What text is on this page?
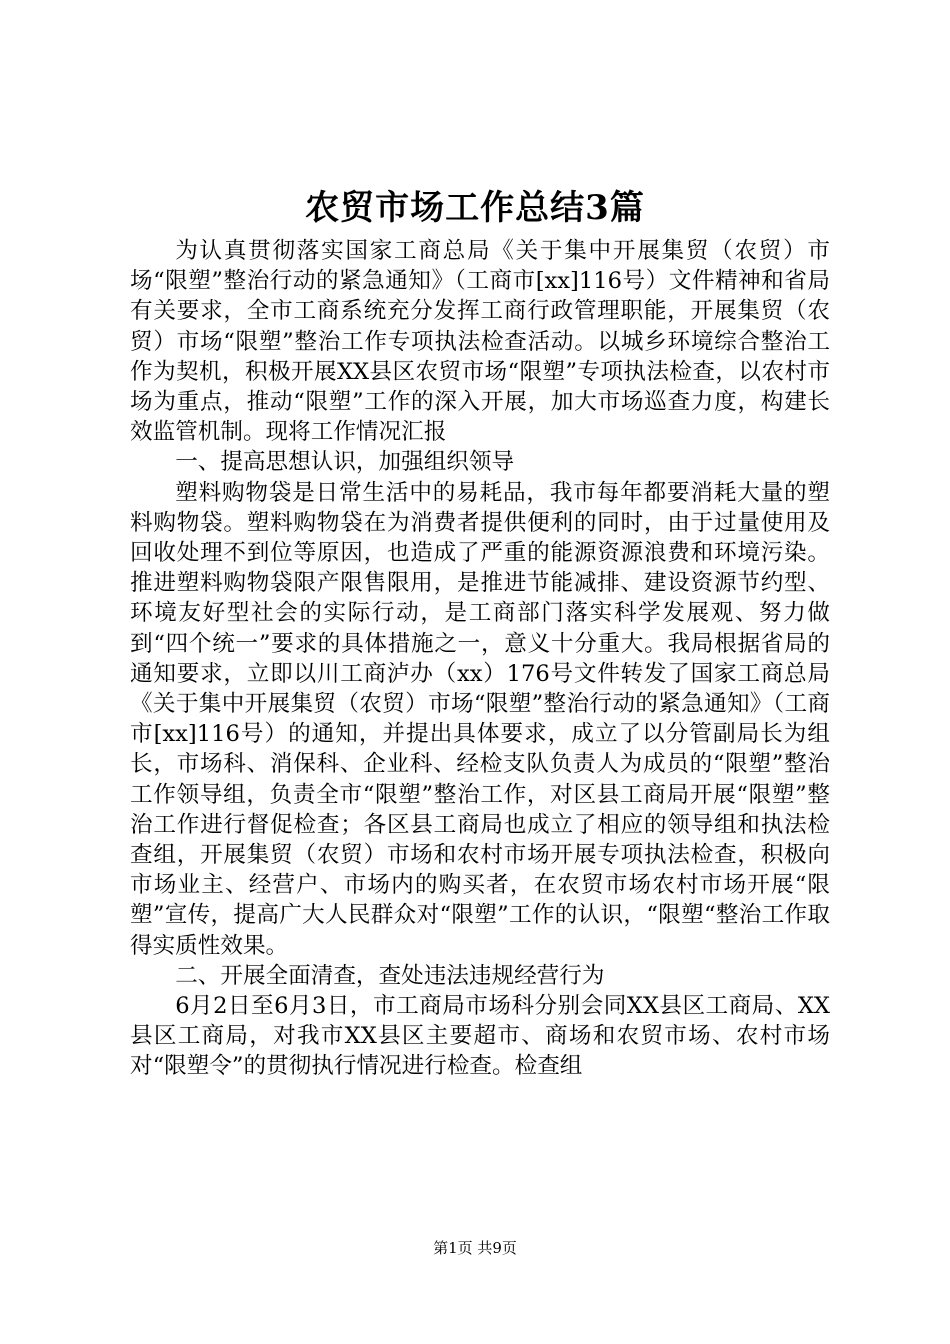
农贸市场工作总结3篇

为认真贯彻落实国家工商总局《关于集中开展集贸（农贸）市场“限塑”整治行动的紧急通知》（工商市[xx]116号）文件精神和省局有关要求，全市工商系统充分发挥工商行政管理职能，开展集贸（农贸）市场“限塑”整治工作专项执法检查活动。以城乡环境综合整治工作为契机，积极开展XX县区农贸市场“限塑”专项执法检查，以农村市场为重点，推动“限塑”工作的深入开展，加大市场巡查力度，构建长效监管机制。现将工作情况汇报

一、提高思想认识，加强组织领导

塑料购物袋是日常生活中的易耗品，我市每年都要消耗大量的塑料购物袋。塑料购物袋在为消费者提供便利的同时，由于过量使用及回收处理不到位等原因，也造成了严重的能源资源浪费和环境污染。推进塑料购物袋限产限售限用，是推进节能减排、建设资源节约型、环境友好型社会的实际行动，是工商部门落实科学发展观、努力做到“四个统一”要求的具体措施之一，意义十分重大。我局根据省局的通知要求，立即以川工商泸办（xx）176号文件转发了国家工商总局《关于集中开展集贸（农贸）市场“限塑”整治行动的紧急通知》（工商市[xx]116号）的通知，并提出具体要求，成立了以分管副局长为组长，市场科、消保科、企业科、经检支队负责人为成员的“限塑”整治工作领导组，负责全市“限塑”整治工作，对区县工商局开展“限塑”整治工作进行督促检查；各区县工商局也成立了相应的领导组和执法检查组，开展集贸（农贸）市场和农村市场开展专项执法检查，积极向市场业主、经营户、市场内的购买者，在农贸市场农村市场开展“限塑”宣传，提高广大人民群众对“限塑”工作的认识，“限塑“整治工作取得实质性效果。

二、开展全面清查，查处违法违规经营行为

6月2日至6月3日，市工商局市场科分别会同XX县区工商局、XX县区工商局，对我市XX县区主要超市、商场和农贸市场、农村市场对“限塑令”的贯彻执行情况进行检查。检查组

第1页 共9页
